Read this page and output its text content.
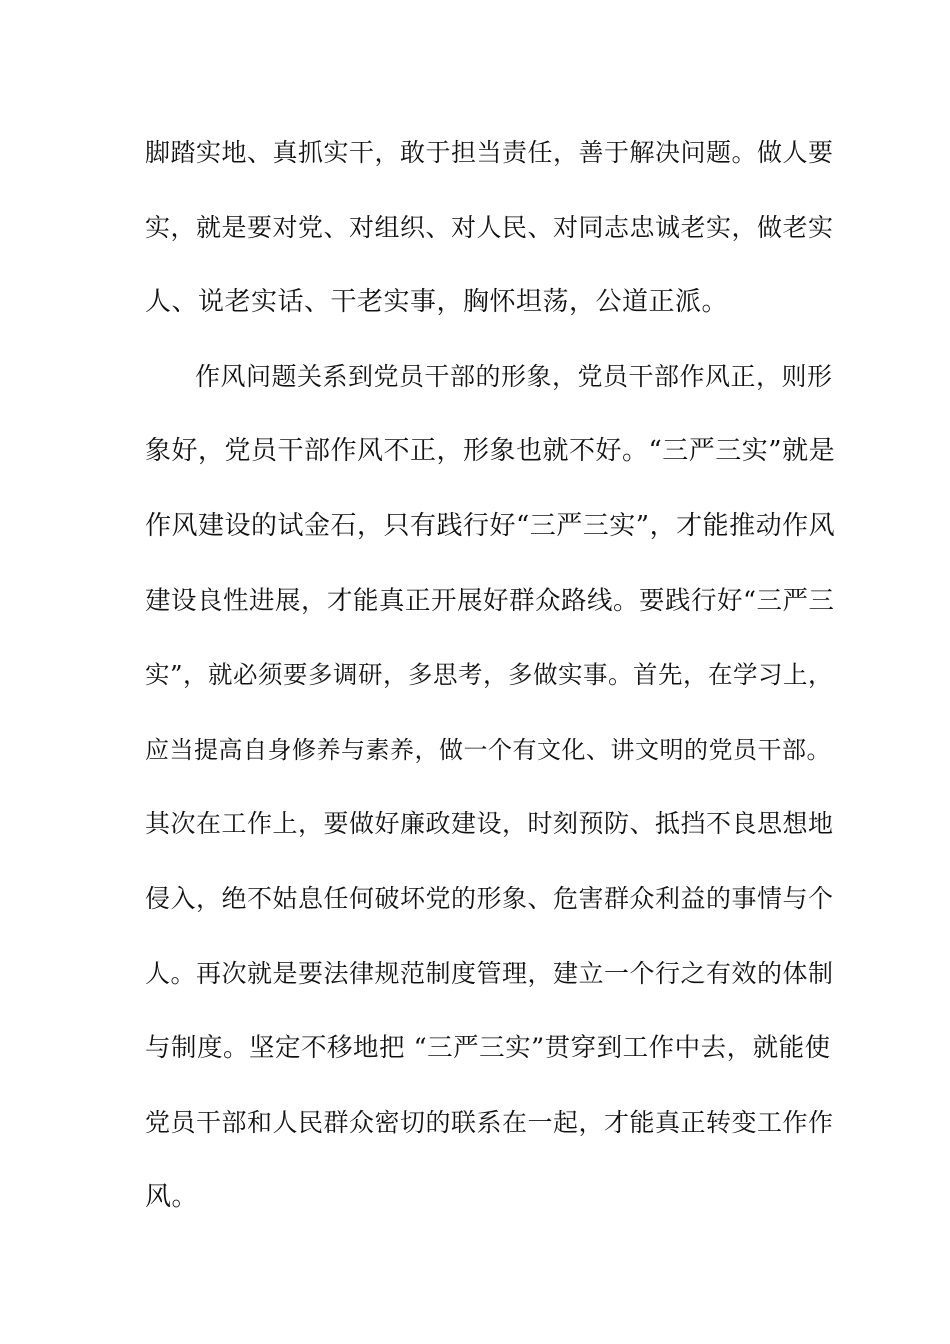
脚踏实地、真抓实干，敢于担当责任，善于解决问题。做人要
实，就是要对党、对组织、对人民、对同志忠诚老实，做老实
人、说老实话、干老实事，胸怀坦荡，公道正派。
作风问题关系到党员干部的形象，党员干部作风正，则形
象好，党员干部作风不正，形象也就不好。“三严三实”就是
作风建设的试金石，只有践行好“三严三实”，才能推动作风
建设良性进展，才能真正开展好群众路线。要践行好“三严三
实”，就必须要多调研，多思考，多做实事。首先，在学习上，
应当提高自身修养与素养，做一个有文化、讲文明的党员干部。
其次在工作上，要做好廉政建设，时刻预防、抵挡不良思想地
侵入，绝不姑息任何破坏党的形象、危害群众利益的事情与个
人。再次就是要法律规范制度管理，建立一个行之有效的体制
与制度。坚定不移地把 “三严三实”贯穿到工作中去，就能使
党员干部和人民群众密切的联系在一起，才能真正转变工作作
风。
